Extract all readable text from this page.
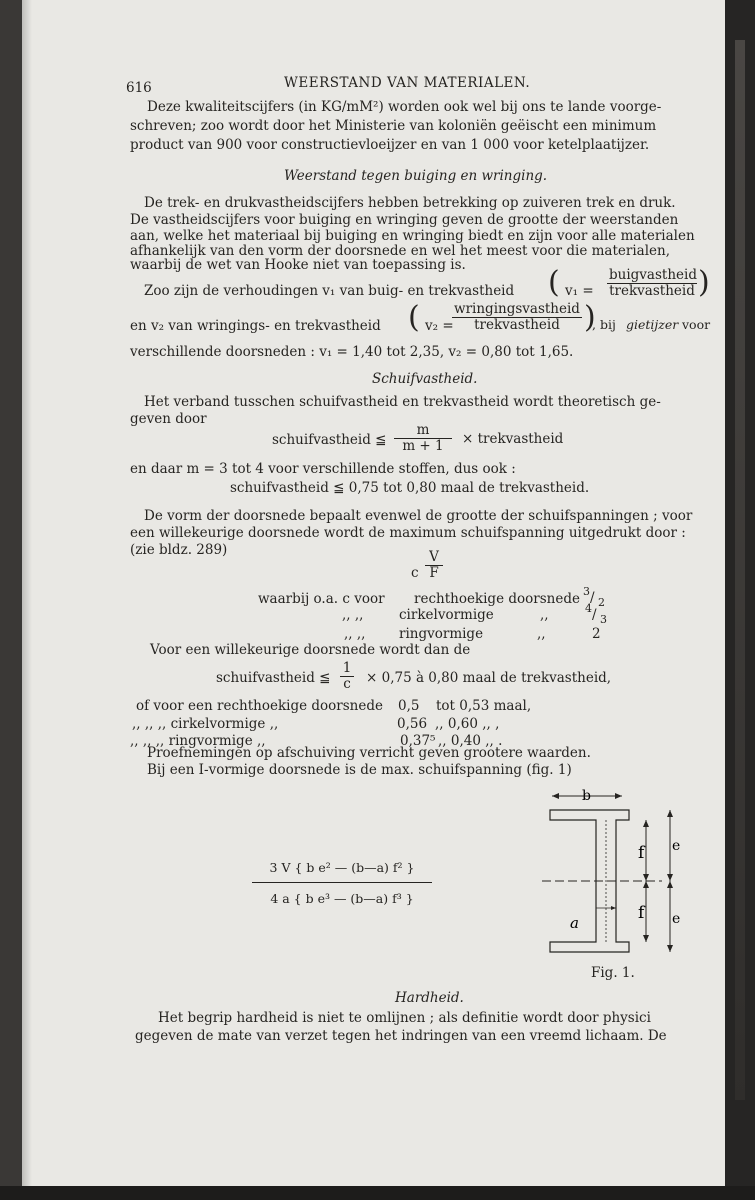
616	WEERSTAND VAN MATERIALEN.

Deze kwaliteitscijfers (in KG/mM²) worden ook wel bij ons te lande voorge-

schreven; zoo wordt door het Ministerie van koloniën geëischt een minimum

product van 900 voor constructievloeijzer en van 1 000 voor ketelplaatijzer.

Weerstand tegen buiging en wringing.

De trek- en drukvastheidscijfers hebben betrekking op zuiveren trek en druk.

De vastheidscijfers voor buiging en wringing geven de grootte der weerstanden

aan, welke het materiaal bij buiging en wringing biedt en zijn voor alle materialen

afhankelijk van den vorm der doorsnede en wel het meest voor die materialen,

waarbij de wet van Hooke niet van toepassing is.

Zoo zijn de verhoudingen v₁ van buig- en trekvastheid ( v₁ =

buigvastheid
trekvastheid )

en v₂ van wringings- en trekvastheid ( v₂ =

wringingsvastheid
trekvastheid )

, bij gietijzer voor

verschillende doorsneden : v₁ = 1,40 tot 2,35, v₂ = 0,80 tot 1,65.

Schuifvastheid.

Het verband tusschen schuifvastheid en trekvastheid wordt theoretisch ge-

geven door

schuifvastheid ≦ $\frac{m}{m + 1}$ × trekvastheid

en daar m = 3 tot 4 voor verschillende stoffen, dus ook :

schuifvastheid ≦ 0,75 tot 0,80 maal de trekvastheid.

De vorm der doorsnede bepaalt evenwel de grootte der schuifspanningen ; voor

een willekeurige doorsnede wordt de maximum schuifspanning uitgedrukt door :

(zie bldz. 289)

c $\frac{V}{F}$

waarbij o.a. c voor rechthoekige doorsnede 3 / 2

,, ,,	cirkelvormige	,,	4 / 3

,, ,, ringvormige	,,	2

Voor een willekeurige doorsnede wordt dan de

schuifvastheid ≦ $\frac{1}{c} \times 0,75$ à 0,80 maal de trekvastheid,

of voor een rechthoekige doorsnede 0,5 tot 0,53 maal,

,, ,, ,, cirkelvormige ,,	0,56 ,, 0,60 ,, ,

,, ,, ,, ringvormige ,,	0,37⁵ ,, 0,40 ,, .

Proefnemingen op afschuiving verricht geven grootere waarden.

Bij een I-vormige doorsnede is de max. schuifspanning (fig. 1)

$\frac{\text{3 V \{ b e² — (b—a) f² \}}}{\text{4 a \{ b e³ — (b—a) f³ \}}}$
b
e
e
f
f
a

Fig. 1.

Hardheid.

Het begrip hardheid is niet te omlijnen ; als definitie wordt door physici

gegeven de mate van verzet tegen het indringen van een vreemd lichaam. De
